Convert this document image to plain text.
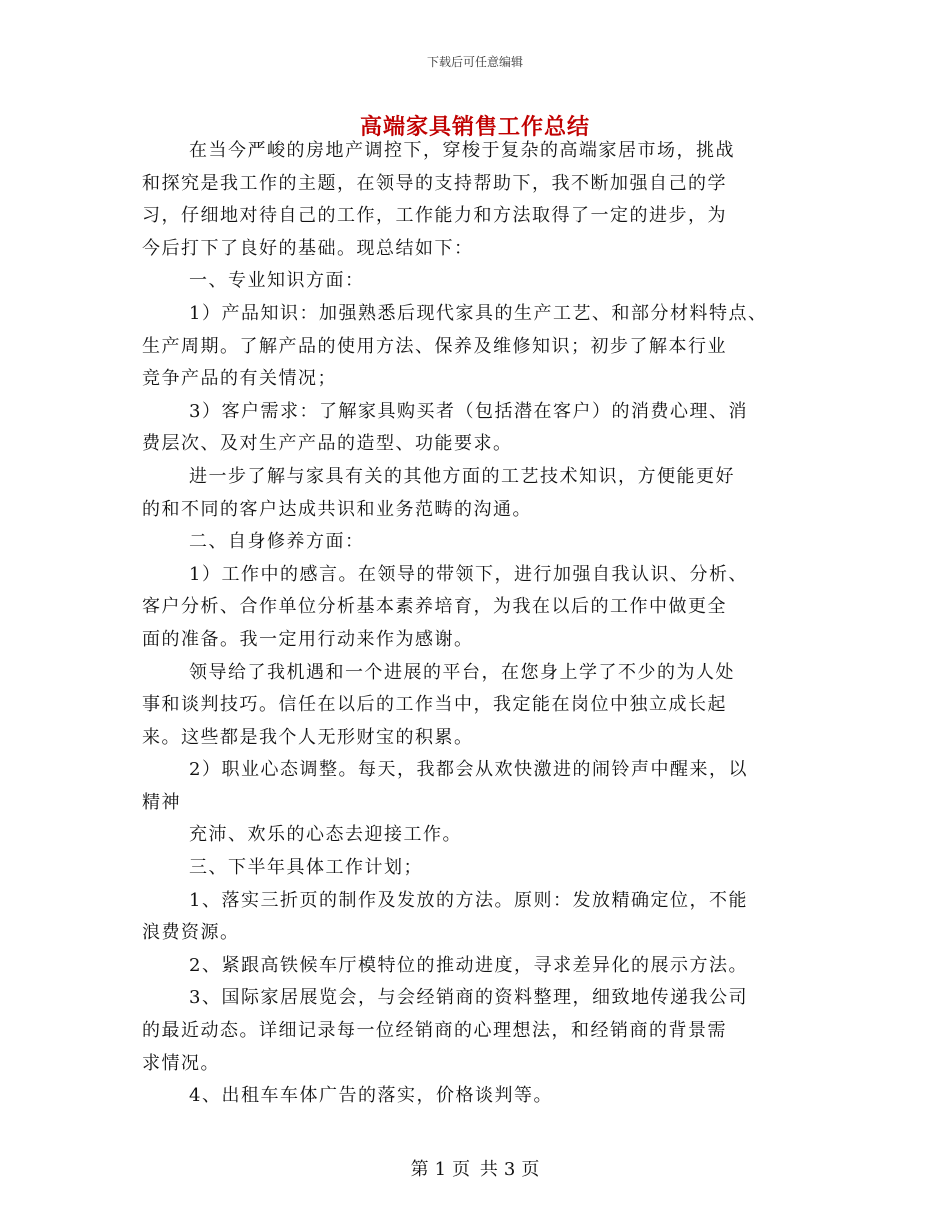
下载后可任意编辑
高端家具销售工作总结
在当今严峻的房地产调控下，穿梭于复杂的高端家居市场，挑战
和探究是我工作的主题，在领导的支持帮助下，我不断加强自己的学
习，仔细地对待自己的工作，工作能力和方法取得了一定的进步，为
今后打下了良好的基础。现总结如下：
一、专业知识方面：
1）产品知识：加强熟悉后现代家具的生产工艺、和部分材料特点、
生产周期。了解产品的使用方法、保养及维修知识；初步了解本行业
竞争产品的有关情况；
3）客户需求：了解家具购买者（包括潜在客户）的消费心理、消
费层次、及对生产产品的造型、功能要求。
进一步了解与家具有关的其他方面的工艺技术知识，方便能更好
的和不同的客户达成共识和业务范畴的沟通。
二、自身修养方面：
1）工作中的感言。在领导的带领下，进行加强自我认识、分析、
客户分析、合作单位分析基本素养培育，为我在以后的工作中做更全
面的准备。我一定用行动来作为感谢。
领导给了我机遇和一个进展的平台，在您身上学了不少的为人处
事和谈判技巧。信任在以后的工作当中，我定能在岗位中独立成长起
来。这些都是我个人无形财宝的积累。
2）职业心态调整。每天，我都会从欢快激进的闹铃声中醒来，以
精神
充沛、欢乐的心态去迎接工作。
三、下半年具体工作计划；
1、落实三折页的制作及发放的方法。原则：发放精确定位，不能
浪费资源。
2、紧跟高铁候车厅模特位的推动进度，寻求差异化的展示方法。
3、国际家居展览会，与会经销商的资料整理，细致地传递我公司
的最近动态。详细记录每一位经销商的心理想法，和经销商的背景需
求情况。
4、出租车车体广告的落实，价格谈判等。
第 1 页 共 3 页
